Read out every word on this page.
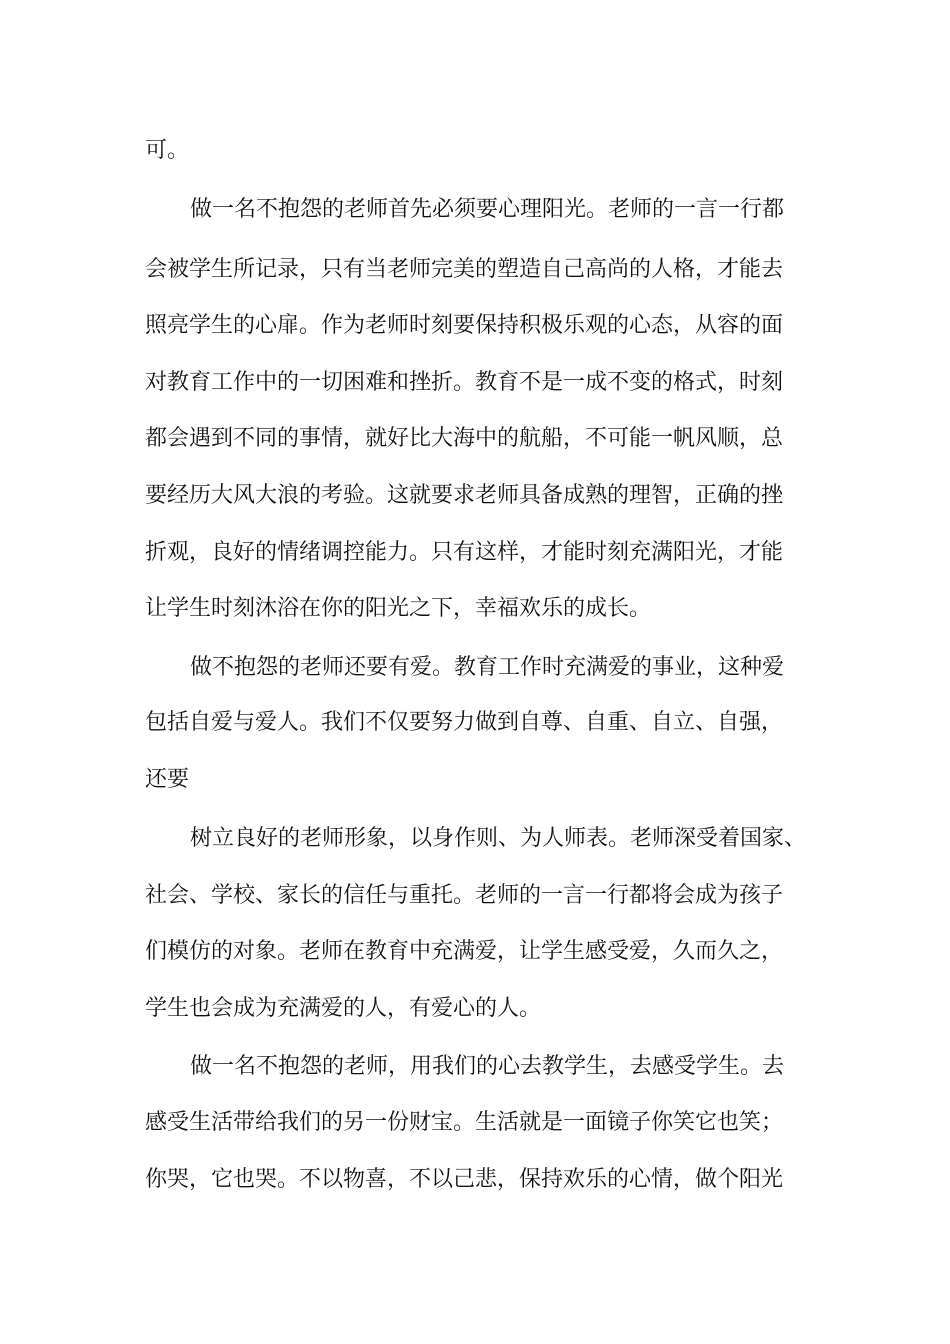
可。
做一名不抱怨的老师首先必须要心理阳光。老师的一言一行都
会被学生所记录，只有当老师完美的塑造自己高尚的人格，才能去
照亮学生的心扉。作为老师时刻要保持积极乐观的心态，从容的面
对教育工作中的一切困难和挫折。教育不是一成不变的格式，时刻
都会遇到不同的事情，就好比大海中的航船，不可能一帆风顺，总
要经历大风大浪的考验。这就要求老师具备成熟的理智，正确的挫
折观，良好的情绪调控能力。只有这样，才能时刻充满阳光，才能
让学生时刻沐浴在你的阳光之下，幸福欢乐的成长。
做不抱怨的老师还要有爱。教育工作时充满爱的事业，这种爱
包括自爱与爱人。我们不仅要努力做到自尊、自重、自立、自强，
还要
树立良好的老师形象，以身作则、为人师表。老师深受着国家、
社会、学校、家长的信任与重托。老师的一言一行都将会成为孩子
们模仿的对象。老师在教育中充满爱，让学生感受爱，久而久之，
学生也会成为充满爱的人，有爱心的人。
做一名不抱怨的老师，用我们的心去教学生，去感受学生。去
感受生活带给我们的另一份财宝。生活就是一面镜子你笑它也笑；
你哭，它也哭。不以物喜，不以己悲，保持欢乐的心情，做个阳光
